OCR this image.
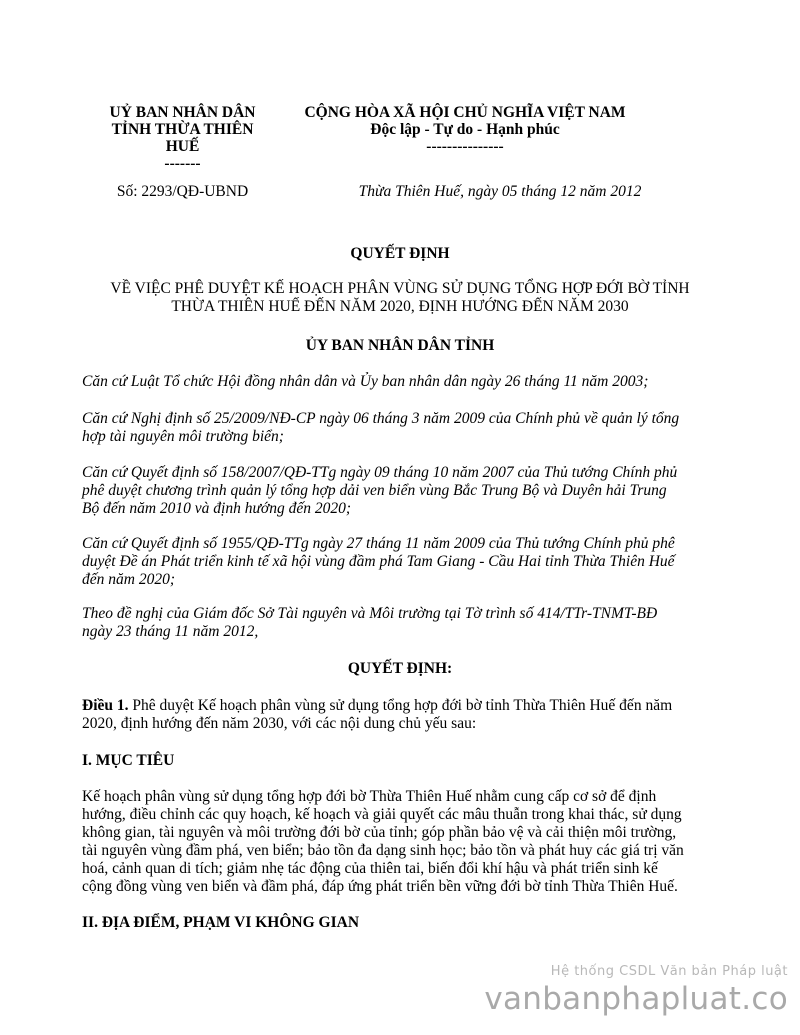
UỶ BAN NHÂN DÂN
TỈNH THỪA THIÊN
HUẾ
-------
CỘNG HÒA XÃ HỘI CHỦ NGHĨA VIỆT NAM
Độc lập - Tự do - Hạnh phúc
---------------
Số: 2293/QĐ-UBND	Thừa Thiên Huế, ngày 05 tháng 12 năm 2012
QUYẾT ĐỊNH
VỀ VIỆC PHÊ DUYỆT KẾ HOẠCH PHÂN VÙNG SỬ DỤNG TỔNG HỢP ĐỚI BỜ TỈNH
THỪA THIÊN HUẾ ĐẾN NĂM 2020, ĐỊNH HƯỚNG ĐẾN NĂM 2030
ỦY BAN NHÂN DÂN TỈNH
Căn cứ Luật Tổ chức Hội đồng nhân dân và Ủy ban nhân dân ngày 26 tháng 11 năm 2003;
Căn cứ Nghị định số 25/2009/NĐ-CP ngày 06 tháng 3 năm 2009 của Chính phủ về quản lý tổng
hợp tài nguyên môi trường biển;
Căn cứ Quyết định số 158/2007/QĐ-TTg ngày 09 tháng 10 năm 2007 của Thủ tướng Chính phủ
phê duyệt chương trình quản lý tổng hợp dải ven biển vùng Bắc Trung Bộ và Duyên hải Trung
Bộ đến năm 2010 và định hướng đến 2020;
Căn cứ Quyết định số 1955/QĐ-TTg ngày 27 tháng 11 năm 2009 của Thủ tướng Chính phủ phê
duyệt Đề án Phát triển kinh tế xã hội vùng đầm phá Tam Giang - Cầu Hai tỉnh Thừa Thiên Huế
đến năm 2020;
Theo đề nghị của Giám đốc Sở Tài nguyên và Môi trường tại Tờ trình số 414/TTr-TNMT-BĐ
ngày 23 tháng 11 năm 2012,
QUYẾT ĐỊNH:
Điều 1. Phê duyệt Kế hoạch phân vùng sử dụng tổng hợp đới bờ tỉnh Thừa Thiên Huế đến năm
2020, định hướng đến năm 2030, với các nội dung chủ yếu sau:
I. MỤC TIÊU
Kế hoạch phân vùng sử dụng tổng hợp đới bờ Thừa Thiên Huế nhằm cung cấp cơ sở để định
hướng, điều chỉnh các quy hoạch, kế hoạch và giải quyết các mâu thuẫn trong khai thác, sử dụng
không gian, tài nguyên và môi trường đới bờ của tỉnh; góp phần bảo vệ và cải thiện môi trường,
tài nguyên vùng đầm phá, ven biển; bảo tồn đa dạng sinh học; bảo tồn và phát huy các giá trị văn
hoá, cảnh quan di tích; giảm nhẹ tác động của thiên tai, biến đổi khí hậu và phát triển sinh kế
cộng đồng vùng ven biển và đầm phá, đáp ứng phát triển bền vững đới bờ tỉnh Thừa Thiên Huế.
II. ĐỊA ĐIỂM, PHẠM VI KHÔNG GIAN
Hệ thống CSDL Văn bản Pháp luật
vanbanphapluat.co
